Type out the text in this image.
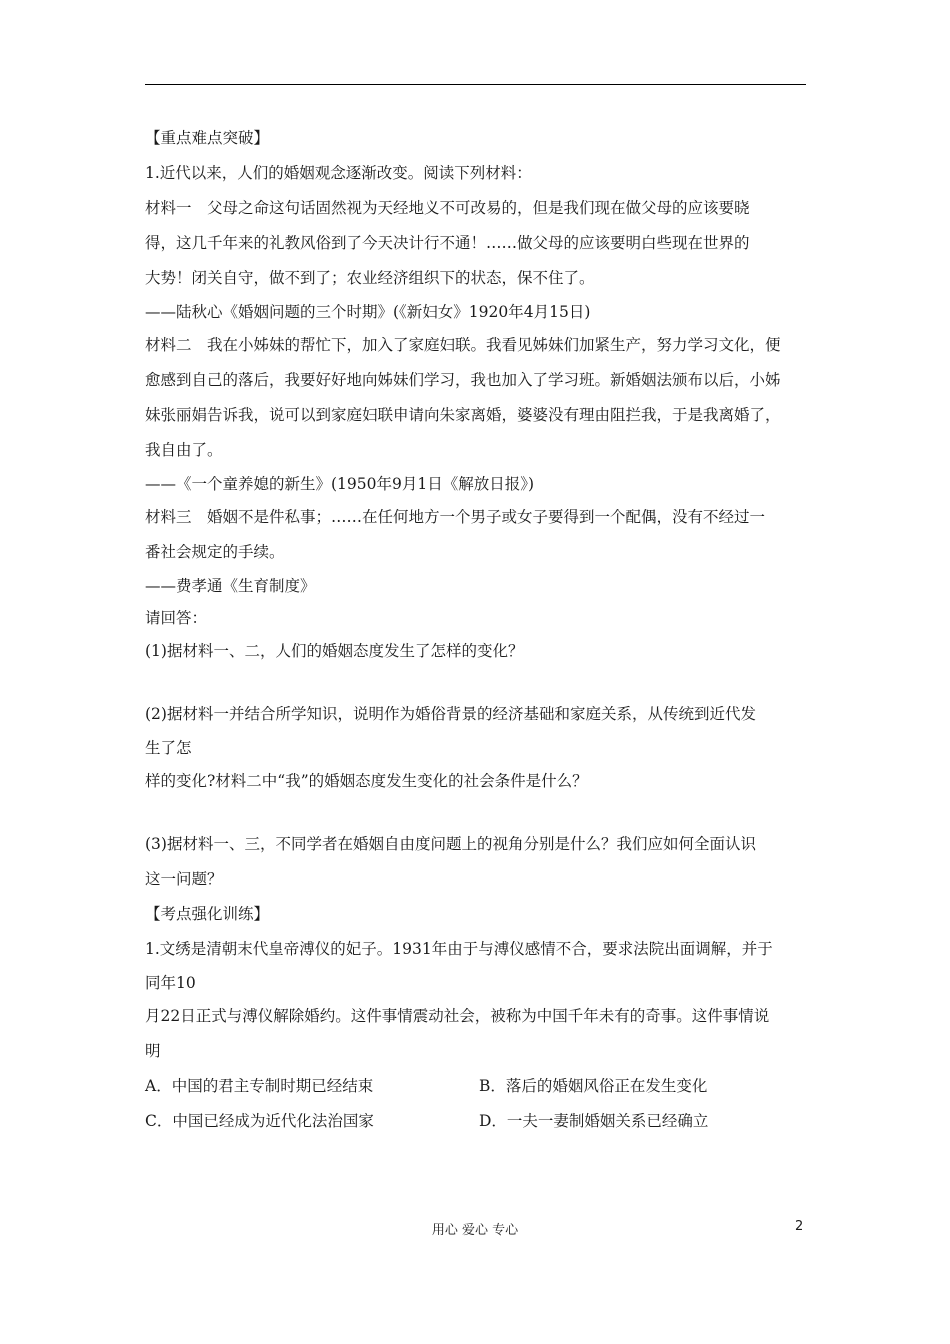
【重点难点突破】
1.近代以来，人们的婚姻观念逐渐改变。阅读下列材料：
材料一　父母之命这句话固然视为天经地义不可改易的，但是我们现在做父母的应该要晓
得，这几千年来的礼教风俗到了今天决计行不通！……做父母的应该要明白些现在世界的
大势！闭关自守，做不到了；农业经济组织下的状态，保不住了。
——陆秋心《婚姻问题的三个时期》(《新妇女》1920年4月15日)
材料二　我在小姊妹的帮忙下，加入了家庭妇联。我看见姊妹们加紧生产，努力学习文化，便
愈感到自己的落后，我要好好地向姊妹们学习，我也加入了学习班。新婚姻法颁布以后，小姊
妹张丽娟告诉我，说可以到家庭妇联申请向朱家离婚，婆婆没有理由阻拦我，于是我离婚了，
我自由了。
——《一个童养媳的新生》(1950年9月1日《解放日报》)
材料三　婚姻不是件私事；……在任何地方一个男子或女子要得到一个配偶，没有不经过一
番社会规定的手续。
——费孝通《生育制度》
请回答：
(1)据材料一、二，人们的婚姻态度发生了怎样的变化？
(2)据材料一并结合所学知识，说明作为婚俗背景的经济基础和家庭关系，从传统到近代发
生了怎
样的变化?材料二中“我”的婚姻态度发生变化的社会条件是什么？
(3)据材料一、三，不同学者在婚姻自由度问题上的视角分别是什么？我们应如何全面认识
这一问题？
【考点强化训练】
1.文绣是清朝末代皇帝溥仪的妃子。1931年由于与溥仪感情不合，要求法院出面调解，并于
同年10
月22日正式与溥仪解除婚约。这件事情震动社会，被称为中国千年未有的奇事。这件事情说
明
A．中国的君主专制时期已经结束	B．落后的婚姻风俗正在发生变化
C．中国已经成为近代化法治国家	D．一夫一妻制婚姻关系已经确立
用心 爱心 专心	2
